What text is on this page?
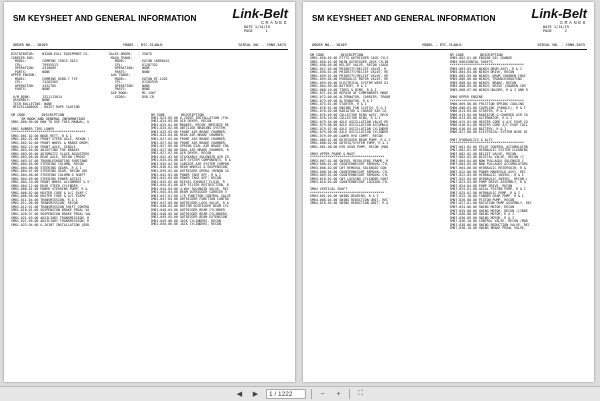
SM KEYSHEET AND GENERAL INFORMATION	Link-Belt
CRANES
DATE 1/14/19
PAGE	1
ORDER NO.- J8109	MODEL - RTC-3140LR	SERIAL NO. - J9N9-5875
DISTRIBUTOR:    NIXON-EGLI EQUIPMENT CO.          SALES ORDER:     25875
CARRIER ENG:                                       MAIN TRANS:
MODEL:        CUMMINS ISB15 2013                   MODEL:        EATON 16BS8441
CPL:          79955513                             CPL:          K1287352
OPERATION:    4310009                              OPERATION:    NONE
PARTS:        NONE                                 PARTS:        NONE
UPPER ENGINE:                                      AUX TRANS:
MODEL:        CUMMINS QSB6.7 T4F                   MODEL:        EATON RT-1202
CPL:          74202565                             CPL:          K1285939
OPERATION:    4332785                              OPERATION:    NONE
PARTS:        NONE                                 PARTS:        NONE
AXE BOOK:       MC-1407
O/M BOOK:      1321113014                           VIDEO:        DVD-CR
ASSEMBLY:      NONE
TECH BULLETINS: NONE
MISCELLANEOUS - HOIST ROPE CAUTION
SM CODE        DESCRIPTION
SM BOOK AND GENERAL INFORMATION
SM01-000-00.00 HOW TO USE THIS MANUAL, U

SM01 RUBBER TIRE LOWER
**************************************
SM01-001-02.00 NOOK RETT, B & I
SM01-002-01.00 FRONT STEER AXLE, REXON (
SM01-002-02.00 FRONT WHEEL & BRAKE DRUM,
SM01-002-13.00 FRONT AXLE, SINGLE
SM01-003-04.00 ADJUSTING THE BRAKES
SM01-003-05.00 AUTOMATIC SLACK ADJUSTERS
SM01-003-06.00 REAR AXLE, RECON (PROSS
SM01-003-07.00 TROUBLESHOOTING SHEETAND
SM01-004-05.00 STEERING COLUMN, RECON
SM01-004-06.00 STEERING GEARS, R & I
SM01-004-07.00 STEERING GEAR, RECON (NS
SM01-004-08.00 STEERING COLUMN & SHAFT
SM01-004-09.00 STEERING POWER ASSIST
SM01-004-10.00 FRONT WHEEL ALIGNMENT & S
SM01-004-12.00 REAR STEER CYLINDER,
SM01-006-01.00 POWER STEERING PUMP, R &
SM01-006-02.00 HEATER CORE & A/C EVAP C
SM01-006-06.00 HEATER CORE & A/C EVAPO
SM01-011-04.00 TRANSMISSION, R & I
SM01-011-06.00 TRANSMISSION, RECON
SM01-012-01.00 TRANSMISSION SHIFT CONTRO
SM01-016-01.00 SUSPENSION BRAKE PEDAL VA
SM01-020-07.00 SUSPENSION BRAKE PEDAL VAL
SM01-021-03.00 AUXILIARY TRANSMISSION, R
SM01-021-05.00 AUXILIARY TRANSMISSION, R
SM01-023-04.00 U-JOINT INSTALLATION (DOU
SM CODE        DESCRIPTION

SM01-023-05.00 U-JOINT INSTALLATION (FUL
SM01-024-03.00 AIR DRYER, RECON
SM01-025-01.00 BRAKES, RECON (MERIDIE RE
SM01-025-02.00 ANTILOCK BRAKING SYSTEM,
SM01-025-03.00 FRONT AIR BRAKE CHAMBER,
SM01-025-04.00 REAR AIR BRAKE CHAMBER,
SM01-027-03.00 FRONT AIR BRAKE CHAMBER,
SM01-027-04.00 FRONT AIR BRAKE CHAMBER,
SM01-027-05.00 SPRING DIAL AIR BRAKE CHA
SM01-027-06.00 DUAL AIR BRAKE CHAMBER, R
SM01-027-07.00 AIR DRYER, RECON
SM01-032-02.00 STACKABLE SOLENOID AIR CO
SM01-034-04.00 AIR SYSTEM COMPONENTS, R &
SM01-035-02.00 CABSIDE AIR SYSTEM COMPON
SM01-036-01.00 REAR WHEELS & SUSPENSION,
SM01-039-02.00 OUTRIGGER OPERA (RENON CA
SM01-042-01.00 POWER TAKE OFF, R & I
SM01-042-04.00 POWER TAKE OFF, RECON
SM01-043-02.00 DIESEL EXHAUST FLUID, R
SM01-044-01.00 AIR FILTER RESTRICTION, R
SM01-044-04.00 4-WAY SOLENOID VALVE, REC
SM01-045-04.00 BEAM OUTRIGGER CARRIER V
SM01-047-01.00 C/R FUNCTION CONTROL VALVE
SM01-047-04.00 OUTRIGGER FUNCTION CONTRO
SM01-047-05.00 OUTRIGGER LOCK VALVE, R &
SM01-048-03.00 BOTTOM OUTRIGGER BEAM CYL
SM01-048-04.00 OUTRIGGER BEAM CYLINDER
SM01-048-05.00 OUTRIGGER BEAM CYLINDERS,
SM01-049-05.00 OUTRIGGER BEAM EXTENSION
SM01-049-06.00 JACK CYLINDERS, RECON
SM01-050-06.00 JACK CYLINDERS, RECON
SM KEYSHEET AND GENERAL INFORMATION	Link-Belt
CRANES
DATE 1/14/19
PAGE	2
ORDER NO.- J8109	MODEL - RTC-3140LR	SERIAL NO. - J9N9-5875
SM CODE        DESCRIPTION
SM01-050-05.00 PITTS OUTRIGGER JACK CYLI
SM01-050-01.00 MAIN OUTRIGGER JACK CYLIN
SM01-050-04.00 RELIEF VALVE, RECON (SAGA
SM01-057-03.00 PRIORITY/RELIEF VALVE, R
SM01-058-01.00 PRIORITY/RELIEF VALVE, RE
SM01-059-01.00 PRIORITY/RELIEF VALVE, RE
SM01-059-04.00 HYDRAULIC MOTOR VALVE, RE
SM01-059-05.00 ELECTRICAL SYSTEM WIRE DI
SM01-064-09.00 BATTERY, R & I
SM01-068-10.00 TIRES & RIMS, R & I
SM01-071-04.00 REPAIR OF COMPONENTS MADE
SM01-072-00.00 ALTERNATOR, CARRIER, TROUB
SM01-073-05.00 ALTERNATOR, R & I
SM01-075-01.00 STARTER, R & I
SM01-076-01.00 ENGINE FAN CLUTCH, R & I
SM01-076-05.00 RADIATOR & CHARGE AIR CO
SM01-076-09.00 COLLECTOR RING ASSY, RECO
SM01-076-10.00 COLLECTOR RING, R & I
SM01-079-04.00 AXLE OSCILLATION VALVE RE
SM01-079-06.00 AXLE OSCILLATION ACCUMULA
SM01-079-07.00 AXLE OSCILLATION CYLINDER
SM01-079-08.00 AXLE OSCILLATION CYLINDER
SM01-079-09.00 LOWER HYD COMPT, RECON
SM01-080-01.00 OUTRIGGER BEAM PUMP, R & I
SM01-080-02.00 OUTRIG/SYSTEM PUMP, R & I
SM01-081-08.00 HYD GEAR PUMP, RECON (MOD

SM03 UPPER FRAME & MAST
**************************************
SM03-007-01.00 SWIVEL REVOLVING FRAME, R
SM03-008-01.00 COUNTERWEIGHT REMOVAL CYL
SM03-008-02.00 CWT REMOVAL SOLENOID CON
SM03-008-04.00 COUNTERWEIGHT REMOVAL CYL
SM03-009-01.00 COUNTERWEIGHT REMOVAL CYL
SM03-010-01.00 CWT LOCKING CYLINDER CONT
SM03-010-04.00 COUNTERWEIGHT LOCKING CYL

SM04 VERTICAL SHAFT
**************************************
SM04-001-05.00 SWING BEARING, R & I
SM04-008-04.00 SWING REDUCTION UNIT, REC
SM04-010-04.00 SWING REDUCTION UNIT, R &
SM CODE        DESCRIPTION
SM05-002-01.00 ENGINE OIL CHANGE
SM05 HORIZONTAL SHAFTS
**************************************
SM05-003-03.00 WINCH DRUM ASSY, R & I
SM05-004-04.00 WINCH DRIVE, RECON
SM05-005-05.00 WINCH, DRUM (SHAREN CHAI
SM05-006-00.00 WINCH, TROUBLESHOOTING
SM05-008-04.00 WINCH, BRAKE, RECON
SM05-008-05.00 WINCH, DRIVE (SHAREN CBS
SM05-008-07.00 WINCH HOLDER, R & I AND R

SM06 UPPER ENGINE
**************************************
SM06-009-00.00 FRICTION SPRING COOLING
SM06-008-01.00 COUPLING (PANGLE), R & I
SM06-013-03.00 STARTER, R & I
SM06-013-04.00 RADIATOR & CHARGED AIR CO
SM06-013-05.00 ALTERNATOR, R & I
SM06-015-01.00 HEATER CORE & A/C EVAP CO
SM06-016-01.00 HEATER CORE A/C EVAP COIL
SM06-016-05.00 BATTERY, R & I
SM06-027-00.00 ELECTRICAL SYSTEM WIRE DI

SM07 HYDRAULICS & ALTS
**************************************
SM07-001-02.00 PILOT CONTROL ACCUMULATOR
SM07-002-01.00 HYDRAULIC SYSTEM CLEANING
SM07-002-02.00 RELIEF VALVE, RECON
SM07-002-03.00 DIGITAL VALVE, RECON (C
SM07-004-04.00 NOW PULLAGUS SOLENOID C
SM07-004-05.00 NOW PULLAGUS ACCUMULATORS
SM07-004-06.00 HYDRAULIC RESERVOIR, R &
SM07-022-00.00 POWER MANIFOLD ASSY, REC
SM07-022-03.00 HYDRAULIC SWIVEL, R & I
SM07-022-04.00 HYDRAULIC SWIVEL, RECON (
SM07-023-03.00 PUMP DRIVE ASSEMBLY, R &
SM07-024-04.00 PUMP DRIVE, RECON
SM07-025-01.00 AXIAL PISTON PUMP, R & I
SM07-025-02.00 HYDRAULIC PUMP, R & I
SM07-025-10.00 TANDEM GEAR PUMP, R & I
SM07-026-00.00 PISTON PUMP, RECON
SM07-027-01.00 ROTATION PUMP ASSEMBLY, REC
SM07-034-06.00 SWING MOTOR, RECON
SM07-035-00.00 SWING MOTOR, RECON (LINDE
SM07-036-08.00 SWING MOTOR, R & I
SM07-036-09.00 SWING MOTOR, R & I
SM07-036-10.00 CONTROL VALVE, RECON (MOD
SM07-038-06.00 SWING REDUCTION VALVE, REC
SM07-038-10.00 SWING BRAKE PEDAL VALVE,
◀	▶	1 / 1222	−	+	⛶
